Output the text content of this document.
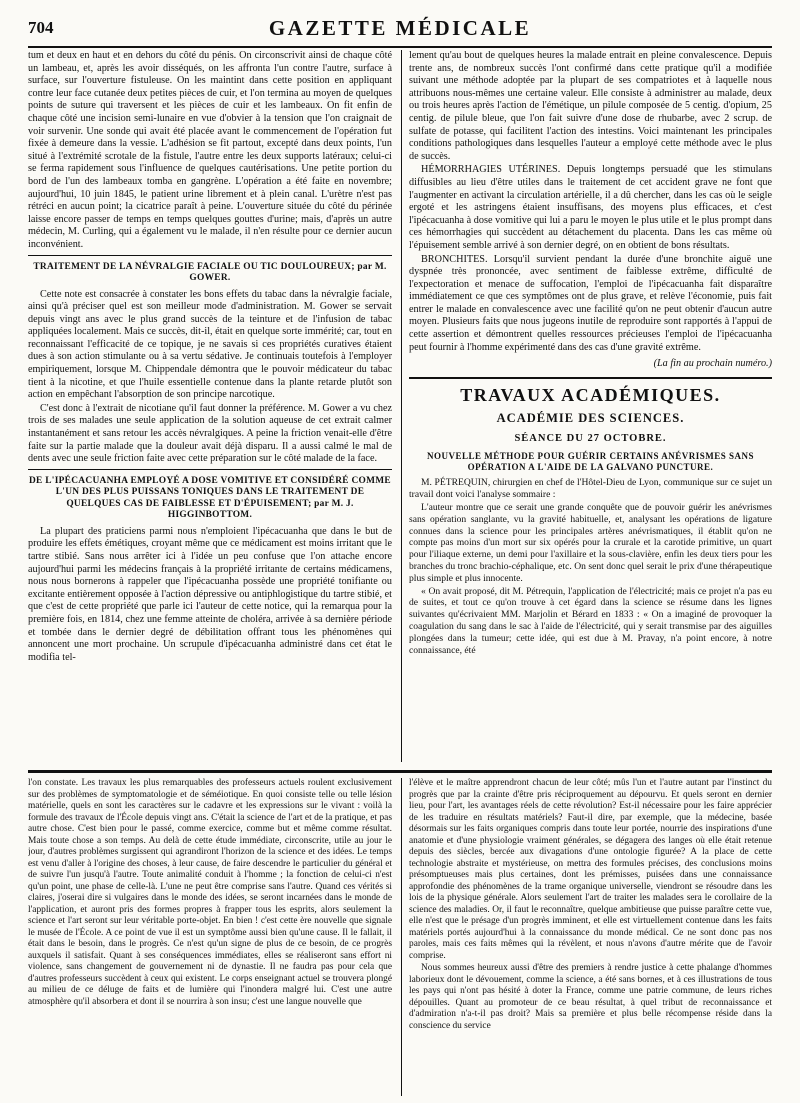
704	GAZETTE MÉDICALE

tum et deux en haut et en dehors du côté du pénis. On circonscrivit ainsi de chaque côté un lambeau, et, après les avoir disséqués, on les affronta l'un contre l'autre, surface à surface, sur l'ouverture fistuleuse. On les maintint dans cette position en appliquant contre leur face cutanée deux petites pièces de cuir, et l'on termina au moyen de quelques points de suture qui traversent et les pièces de cuir et les lambeaux. On fit enfin de chaque côté une incision semi-lunaire en vue d'obvier à la tension que l'on craignait de voir survenir. Une sonde qui avait été placée avant le commencement de l'opération fut fixée à demeure dans la vessie. L'adhésion se fit partout, excepté dans deux points, l'un situé à l'extrémité scrotale de la fistule, l'autre entre les deux supports latéraux; celui-ci se ferma rapidement sous l'influence de quelques cautérisations. Une petite portion du bord de l'un des lambeaux tomba en gangrène. L'opération a été faite en novembre; aujourd'hui, 10 juin 1845, le patient urine librement et à plein canal. L'urètre n'est pas rétréci en aucun point; la cicatrice paraît à peine. L'ouverture située du côté du périnée laisse encore passer de temps en temps quelques gouttes d'urine; mais, d'après un autre médecin, M. Curling, qui a également vu le malade, il n'en résulte pour ce dernier aucun inconvénient.

TRAITEMENT DE LA NÉVRALGIE FACIALE OU TIC DOULOUREUX; par M. GOWER.

Cette note est consacrée à constater les bons effets du tabac dans la névralgie faciale, ainsi qu'à préciser quel est son meilleur mode d'administration. M. Gower se servait depuis vingt ans avec le plus grand succès de la teinture et de l'infusion de tabac appliquées localement. Mais ce succès, dit-il, était en quelque sorte immérité; car, tout en reconnaissant l'efficacité de ce topique, je ne savais si ces propriétés curatives étaient dues à son action stimulante ou à sa vertu sédative. Je continuais toutefois à l'employer empiriquement, lorsque M. Chippendale démontra que le pouvoir médicateur du tabac tient à la nicotine, et que l'huile essentielle contenue dans la plante retarde plutôt son action en empêchant l'absorption de son principe narcotique.

C'est donc à l'extrait de nicotiane qu'il faut donner la préférence. M. Gower a vu chez trois de ses malades une seule application de la solution aqueuse de cet extrait calmer instantanément et sans retour les accès névralgiques. A peine la friction venait-elle d'être faite sur la partie malade que la douleur avait déjà disparu. Il a aussi calmé le mal de dents avec une seule friction faite avec cette préparation sur le côté malade de la face.

DE L'IPÉCACUANHA EMPLOYÉ A DOSE VOMITIVE ET CONSIDÉRÉ COMME L'UN DES PLUS PUISSANS TONIQUES DANS LE TRAITEMENT DE QUELQUES CAS DE FAIBLESSE ET D'ÉPUISEMENT; par M. J. HIGGINBOTTOM.

La plupart des praticiens parmi nous n'emploient l'ipécacuanha que dans le but de produire les effets émétiques, croyant même que ce médicament est moins irritant que le tartre stibié. Sans nous arrêter ici à l'idée un peu confuse que l'on attache encore aujourd'hui parmi les médecins français à la propriété irritante de certains médicamens, nous nous bornerons à rappeler que l'ipécacuanha possède une propriété tonifiante ou excitante entièrement opposée à l'action dépressive ou antiphlogistique du tartre stibié, et que c'est de cette propriété que parle ici l'auteur de cette notice, qui la remarqua pour la première fois, en 1814, chez une femme atteinte de choléra, arrivée à sa dernière période et tombée dans le dernier degré de débilitation offrant tous les phénomènes qui annoncent une mort prochaine. Un scrupule d'ipécacuanha administré dans cet état le modifia tel-

lement qu'au bout de quelques heures la malade entrait en pleine convalescence. Depuis trente ans, de nombreux succès l'ont confirmé dans cette pratique qu'il a modifiée suivant une méthode adoptée par la plupart de ses compatriotes et à laquelle nous attribuons nous-mêmes une certaine valeur. Elle consiste à administrer au malade, deux ou trois heures après l'action de l'émétique, un pilule composée de 5 centig. d'opium, 25 centig. de pilule bleue, que l'on fait suivre d'une dose de rhubarbe, avec 2 scrup. de sulfate de potasse, qui facilitent l'action des intestins. Voici maintenant les principales conditions pathologiques dans lesquelles l'auteur a employé cette méthode avec le plus de succès.

HÉMORRHAGIES UTÉRINES. Depuis longtemps persuadé que les stimulans diffusibles au lieu d'être utiles dans le traitement de cet accident grave ne font que l'augmenter en activant la circulation artérielle, il a dû chercher, dans les cas où le seigle ergoté et les astringens étaient insuffisans, des moyens plus efficaces, et c'est l'ipécacuanha à dose vomitive qui lui a paru le moyen le plus utile et le plus prompt dans ces hémorrhagies qui succèdent au détachement du placenta. Dans les cas même où l'épuisement semble arrivé à son dernier degré, on en obtient de bons résultats.

BRONCHITES. Lorsqu'il survient pendant la durée d'une bronchite aiguë une dyspnée très prononcée, avec sentiment de faiblesse extrême, difficulté de l'expectoration et menace de suffocation, l'emploi de l'ipécacuanha fait disparaître immédiatement ce que ces symptômes ont de plus grave, et relève l'économie, puis fait entrer le malade en convalescence avec une facilité qu'on ne peut obtenir d'aucun autre moyen. Plusieurs faits que nous jugeons inutile de reproduire sont rapportés à l'appui de cette assertion et démontrent quelles ressources précieuses l'emploi de l'ipécacuanha peut fournir à l'homme expérimenté dans des cas d'une gravité extrême.

(La fin au prochain numéro.)

TRAVAUX ACADÉMIQUES.
ACADÉMIE DES SCIENCES.
SÉANCE DU 27 OCTOBRE.
NOUVELLE MÉTHODE POUR GUÉRIR CERTAINS ANÉVRISMES SANS OPÉRATION A L'AIDE DE LA GALVANO PUNCTURE.

M. PÉTREQUIN, chirurgien en chef de l'Hôtel-Dieu de Lyon, communique sur ce sujet un travail dont voici l'analyse sommaire :

L'auteur montre que ce serait une grande conquête que de pouvoir guérir les anévrismes sans opération sanglante, vu la gravité habituelle, et, analysant les opérations de ligature connues dans la science pour les principales artères anévrismatiques, il établit qu'on ne compte pas moins d'un mort sur six opérés pour la crurale et la carotide primitive, un quart pour l'iliaque externe, un demi pour l'axillaire et la sous-clavière, enfin les deux tiers pour les branches du tronc brachio-céphalique, etc. On sent donc quel serait le prix d'une thérapeutique plus simple et plus innocente.

« On avait proposé, dit M. Pétrequin, l'application de l'électricité; mais ce projet n'a pas eu de suites, et tout ce qu'on trouve à cet égard dans la science se résume dans les lignes suivantes qu'écrivaient MM. Marjolin et Bérard en 1833 : « On a imaginé de provoquer la coagulation du sang dans le sac à l'aide de l'électricité, qui y serait transmise par des aiguilles plongées dans la tumeur; cette idée, qui est due à M. Pravay, n'a point encore, à notre connaissance, été

l'on constate. Les travaux les plus remarquables des professeurs actuels roulent exclusivement sur des problèmes de symptomatologie et de séméiotique. En quoi consiste telle ou telle lésion matérielle, quels en sont les caractères sur le cadavre et les expressions sur le vivant : voilà la formule des travaux de l'École depuis vingt ans. C'était la science de l'art et de la pratique, et pas autre chose. C'est bien pour le passé, comme exercice, comme but et même comme résultat. Mais toute chose a son temps. Au delà de cette étude immédiate, circonscrite, utile au jour le jour, d'autres problèmes surgissent qui agrandiront l'horizon de la science et des idées. Le temps est venu d'aller à l'origine des choses, à leur cause, de faire descendre le particulier du général et de suivre l'un jusqu'à l'autre. Toute animalité conduit à l'homme ; la fonction de celui-ci n'est qu'un point, une phase de celle-là. L'une ne peut être comprise sans l'autre. Quand ces vérités si claires, j'oserai dire si vulgaires dans le monde des idées, se seront incarnées dans le monde de l'application, et auront pris des formes propres à frapper tous les esprits, alors seulement la science et l'art seront sur leur véritable porte-objet. En bien ! c'est cette ère nouvelle que signale le musée de l'École. A ce point de vue il est un symptôme aussi bien qu'une cause. Il le fallait, il était dans le besoin, dans le progrès. Ce n'est qu'un signe de plus de ce besoin, de ce progrès auxquels il satisfait. Quant à ses conséquences immédiates, elles se réaliseront sans effort ni violence, sans changement de gouvernement ni de dynastie. Il ne faudra pas pour cela que d'autres professeurs succèdent à ceux qui existent. Le corps enseignant actuel se trouvera plongé au milieu de ce déluge de faits et de lumière qui l'inondera malgré lui. C'est une autre atmosphère qu'il absorbera et dont il se nourrira à son insu; c'est une langue nouvelle que

l'élève et le maître apprendront chacun de leur côté; mûs l'un et l'autre autant par l'instinct du progrès que par la crainte d'être pris réciproquement au dépourvu. Et quels seront en dernier lieu, pour l'art, les avantages réels de cette révolution? Est-il nécessaire pour les faire apprécier de les traduire en résultats matériels? Faut-il dire, par exemple, que la médecine, basée désormais sur les faits organiques compris dans toute leur portée, nourrie des inspirations d'une anatomie et d'une physiologie vraiment générales, se dégagera des langes où elle était retenue depuis des siècles, bercée aux divagations d'une ontologie figurée? A la place de cette technologie abstraite et mystérieuse, on mettra des formules précises, des conclusions moins présomptueuses mais plus certaines, dont les prémisses, puisées dans une connaissance approfondie des phénomènes de la trame organique universelle, viendront se résoudre dans les lois de la physique générale. Alors seulement l'art de traiter les malades sera le corollaire de la science des maladies. Or, il faut le reconnaître, quelque ambitieuse que puisse paraître cette vue, elle n'est que le présage d'un progrès imminent, et elle est virtuellement contenue dans les faits matériels portés aujourd'hui à la connaissance du monde médical. Ce ne sont donc pas nos paroles, mais ces faits mêmes qui la révèlent, et nous n'avons d'autre mérite que de l'avoir comprise.

Nous sommes heureux aussi d'être des premiers à rendre justice à cette phalange d'hommes laborieux dont le dévouement, comme la science, a été sans bornes, et à ces illustrations de tous les pays qui n'ont pas hésité à doter la France, comme une patrie commune, de leurs riches dépouilles. Quant au promoteur de ce beau résultat, à quel tribut de reconnaissance et d'admiration n'a-t-il pas droit? Mais sa première et plus belle récompense réside dans la conscience du service
